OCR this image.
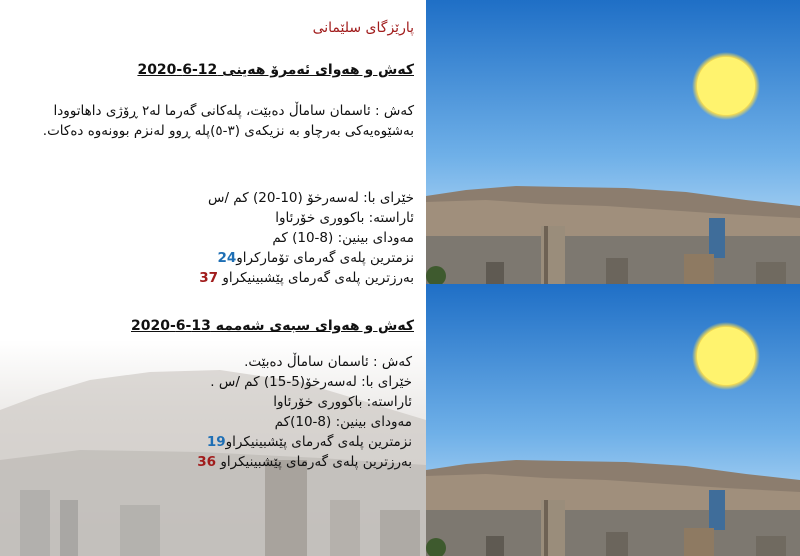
پارێزگای سلێمانی
کەش و هەوای ئەمرۆ هەینی 12-6-2020
کەش : ئاسمان ساماڵ دەبێت، پلەکانی گەرما لە٢ ڕۆژی داهاتوودا
بەشێوەیەکی بەرچاو بە نزیکەی (٣-٥)پلە ڕوو لەنزم بوونەوە دەکات.
خێرای با: لەسەرخۆ (10-20) کم /س
ئاراستە: باکووری خۆرئاوا
مەودای بینین: (8-10) کم
نزمترین پلەی گەرمای تۆمارکراو24
بەرزترین پلەی گەرمای پێشبینیکراو 37
کەش و هەوای سبەی شەممە 13-6-2020
کەش : ئاسمان ساماڵ دەبێت.
خێرای با: لەسەرخۆ(5-15) کم /س .
ئاراستە: باکووری خۆرئاوا
مەودای بینین: (8-10)کم
نزمترین پلەی گەرمای پێشبینیکراو19
بەرزترین پلەی گەرمای پێشبینیکراو 36
